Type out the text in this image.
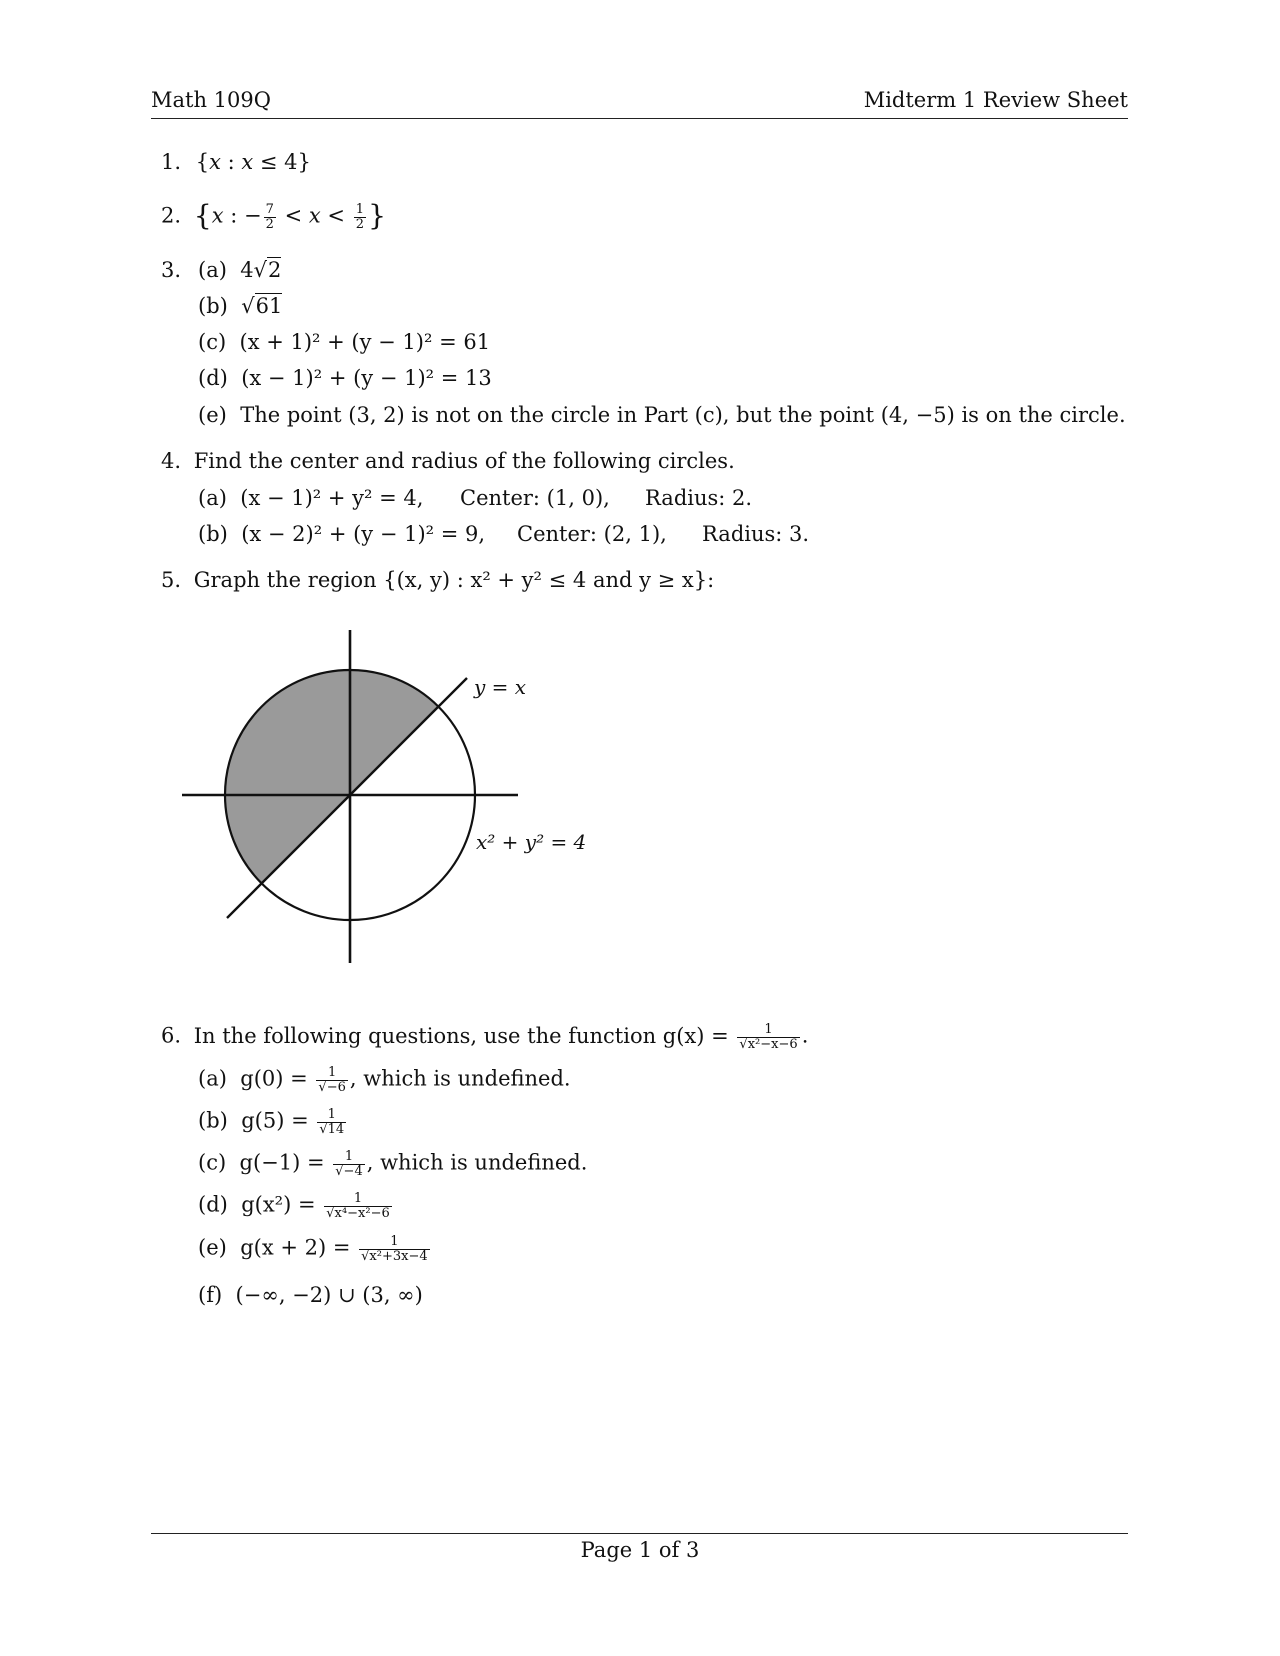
Math 109Q	Midterm 1 Review Sheet
1. {x : x ≤ 4}
2. {x : − $\frac{7}{2} < x < \frac{1}{2}$ }
3. (a) 4√2
(b) √61
(c) (x + 1)² + (y − 1)² = 61
(d) (x − 1)² + (y − 1)² = 13
(e) The point (3, 2) is not on the circle in Part (c), but the point (4, −5) is on the circle.
4. Find the center and radius of the following circles.
(a) (x − 1)² + y² = 4, Center: (1, 0), Radius: 2.
(b) (x − 2)² + (y − 1)² = 9, Center: (2, 1), Radius: 3.
5. Graph the region {(x, y) : x² + y² ≤ 4 and y ≥ x}:
y = x
x² + y² = 4
6. In the following questions, use the function $g(x) = \frac{1}{\text{√x²−x−6}}$ .
(a) $g(0) = \frac{1}{√-6}$ , which is undefined.
(b) $g(5) = \frac{1}{√14}$
(c) $g(-1) = \frac{1}{√-4}$ , which is undefined.
(d) $g(x^2) = \frac{1}{\text{√x⁴−x²−6}}$
(e) $g(x + 2) = \frac{1}{\text{√x²+3x−4}}$
(f) (−∞, −2) ∪ (3, ∞)
Page 1 of 3
